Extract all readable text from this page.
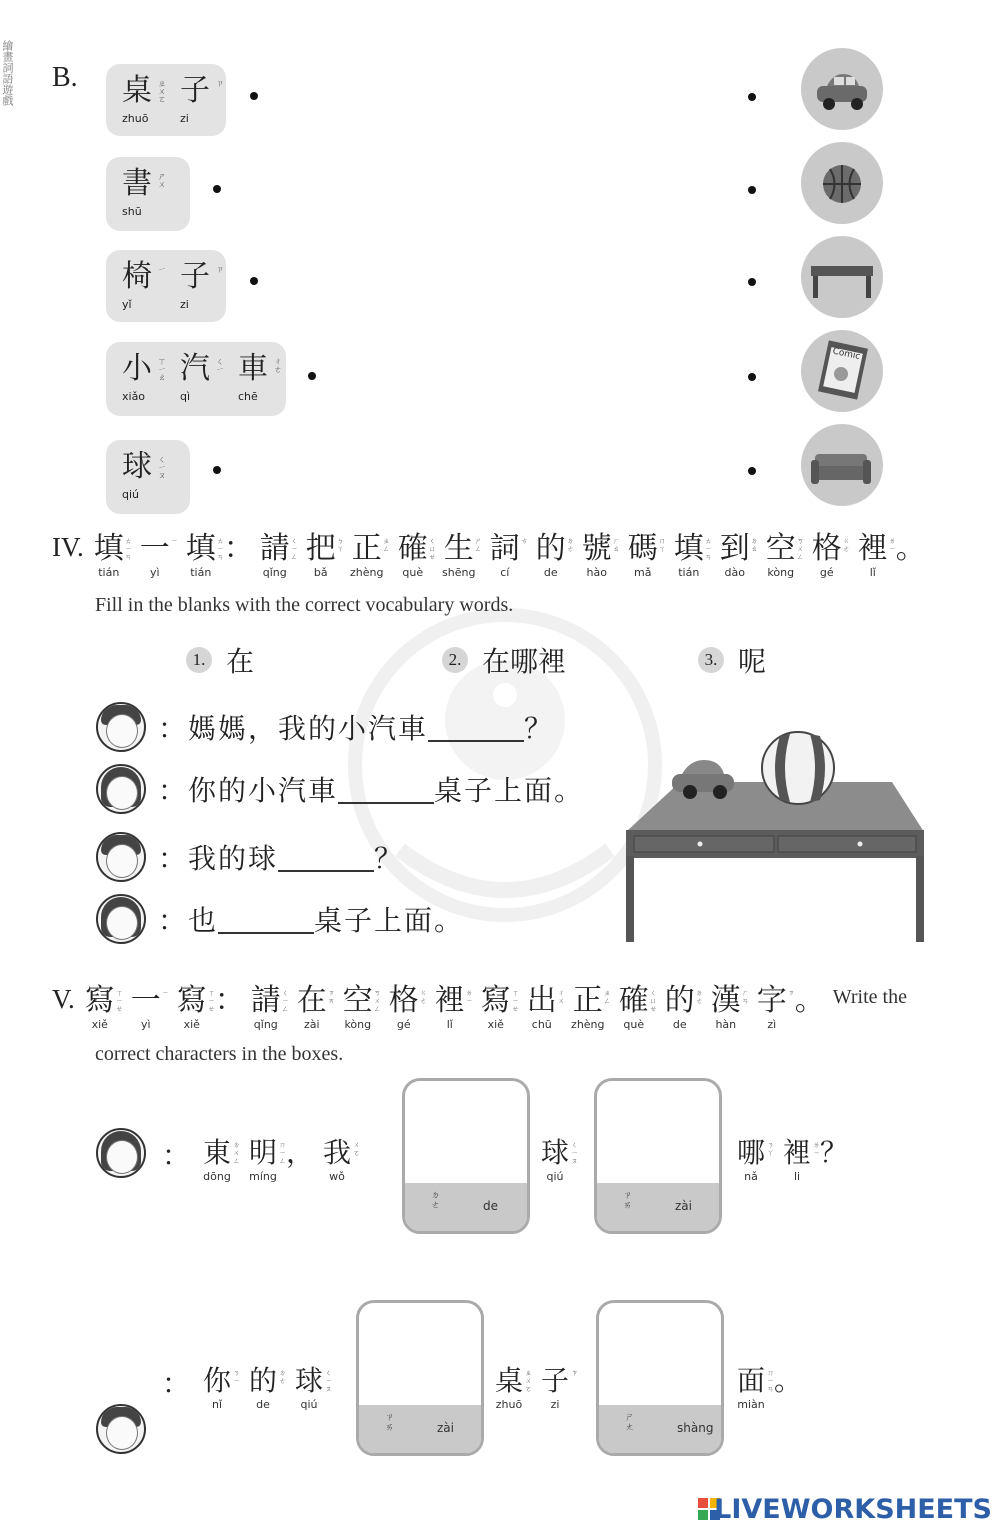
繪畫詞語遊戲 B.	桌 ㄓㄨㄛ
zhuō
子 ㄗ
zi
書 ㄕㄨ
shū
椅 ㄧ
yǐ
子 ㄗ
zi
小 ㄒㄧㄠ
xiǎo
汽 ㄑㄧ
qì
車 ㄔㄜ
chē
球 ㄑㄧㄡ
qiú
Comic
IV. 填 ㄊㄧㄢ
tián
一 ㄧ
yì
填 ㄊㄧㄢ
tián
：
請 ㄑㄧㄥ
qǐng
把 ㄅㄚ
bǎ
正 ㄓㄥ
zhèng
確 ㄑㄩㄝ
què
生 ㄕㄥ
shēng
詞 ㄘ
cí
的 ㄉㄜ
de
號 ㄏㄠ
hào
碼 ㄇㄚ
mǎ
填 ㄊㄧㄢ
tián
到 ㄉㄠ
dào
空 ㄎㄨㄥ
kòng
格 ㄍㄜ
gé
裡 ㄌㄧ
lǐ
。

Fill in the blanks with the correct vocabulary words.
1. 在	2. 在哪裡	3. 呢
：媽媽，我的小汽車	？
：你的小汽車	桌子上面。
：我的球	？
：也	桌子上面。
V. 寫 ㄒㄧㄝ
xiě
一 ㄧ
yì
寫 ㄒㄧㄝ
xiě
：
請 ㄑㄧㄥ
qǐng
在 ㄗㄞ
zài
空 ㄎㄨㄥ
kòng
格 ㄍㄜ
gé
裡 ㄌㄧ
lǐ
寫 ㄒㄧㄝ
xiě
出 ㄔㄨ
chū
正 ㄓㄥ
zhèng
確 ㄑㄩㄝ
què
的 ㄉㄜ
de
漢 ㄏㄢ
hàn
字 ㄗ
zì
。
Write the
correct characters in the boxes.
： 東 ㄉㄨㄥ
dōng
明 ㄇㄧㄥ
míng
，
我 ㄨㄛ
wǒ
ㄉㄜ	de
球 ㄑㄧㄡ
qiú
ㄗㄞ	zài
哪 ㄋㄚ
nǎ
裡 ㄌㄧ
li
？

： 你 ㄋㄧ
nǐ
的 ㄉㄜ
de
球 ㄑㄧㄡ
qiú
ㄗㄞ	zài
桌 ㄓㄨㄛ
zhuō
子 ㄗ
zi
ㄕㄤ	shàng
面 ㄇㄧㄢ
miàn
。

LIVEWORKSHEETS
